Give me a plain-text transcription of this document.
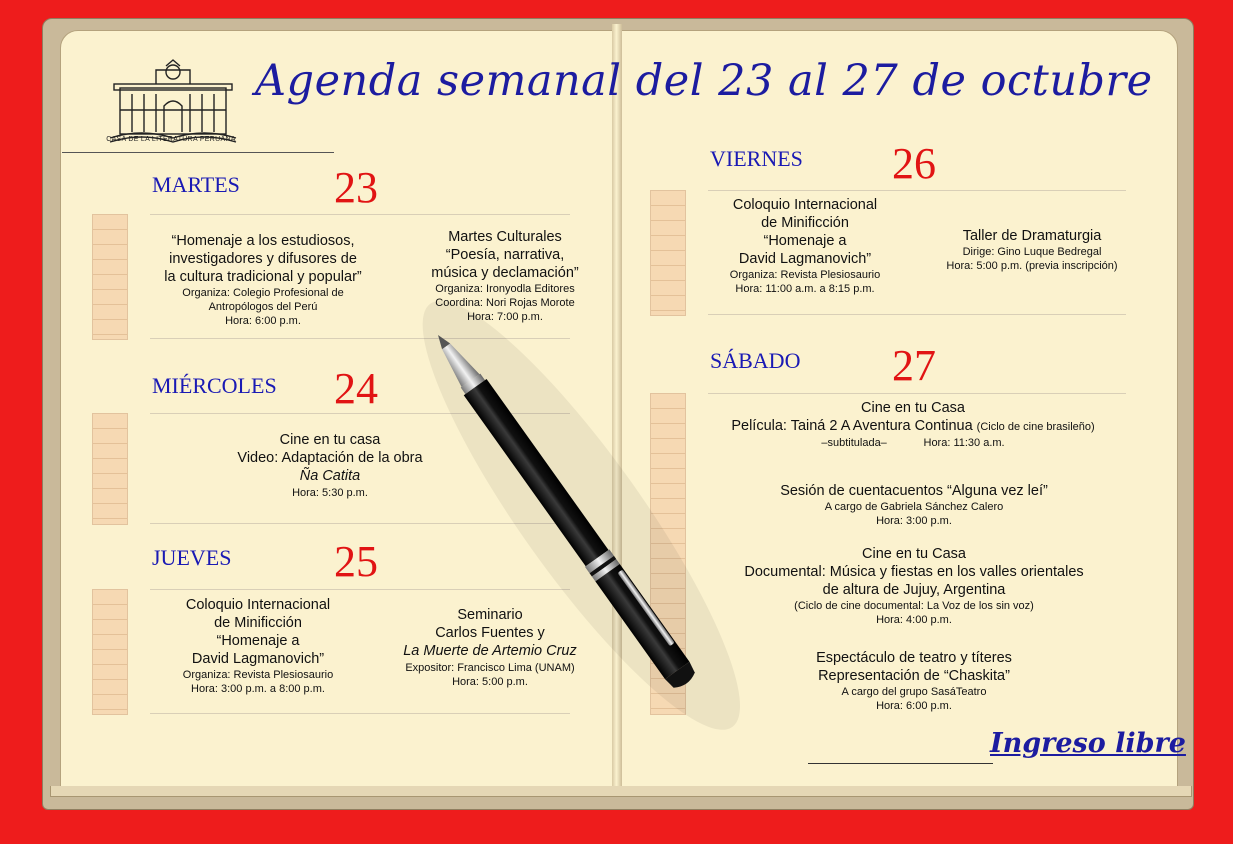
CASA DE LA LITERATURA PERUANA
Agenda semanal del 23 al 27 de octubre
MARTES 23
“Homenaje a los estudiosos,
investigadores y difusores de
la cultura tradicional y popular”
Organiza: Colegio Profesional de
Antropólogos del Perú
Hora: 6:00 p.m.
Martes Culturales
“Poesía, narrativa,
música y declamación”
Organiza: Ironyodla Editores
Coordina: Nori Rojas Morote
Hora: 7:00 p.m.
MIÉRCOLES 24
Cine en tu casa
Video: Adaptación de la obra
Ña Catita
Hora: 5:30 p.m.
JUEVES 25
Coloquio Internacional
de Minificción
“Homenaje a
David Lagmanovich”
Organiza: Revista Plesiosaurio
Hora: 3:00 p.m. a 8:00 p.m.
Seminario
Carlos Fuentes y
La Muerte de Artemio Cruz
Expositor: Francisco Lima (UNAM)
Hora: 5:00 p.m.
VIERNES 26
Coloquio Internacional
de Minificción
“Homenaje a
David Lagmanovich”
Organiza: Revista Plesiosaurio
Hora: 11:00 a.m. a 8:15 p.m.
Taller de Dramaturgia
Dirige: Gino Luque Bedregal
Hora: 5:00 p.m. (previa inscripción)
SÁBADO 27
Cine en tu Casa
Película: Tainá 2 A Aventura Continua (Ciclo de cine brasileño)
–subtitulada–	Hora: 11:30 a.m.
Sesión de cuentacuentos “Alguna vez leí”
A cargo de Gabriela Sánchez Calero
Hora: 3:00 p.m.
Cine en tu Casa
Documental: Música y fiestas en los valles orientales
de altura de Jujuy, Argentina
(Ciclo de cine documental: La Voz de los sin voz)
Hora: 4:00 p.m.
Espectáculo de teatro y títeres
Representación de “Chaskita”
A cargo del grupo SasáTeatro
Hora: 6:00 p.m.
Ingreso libre
